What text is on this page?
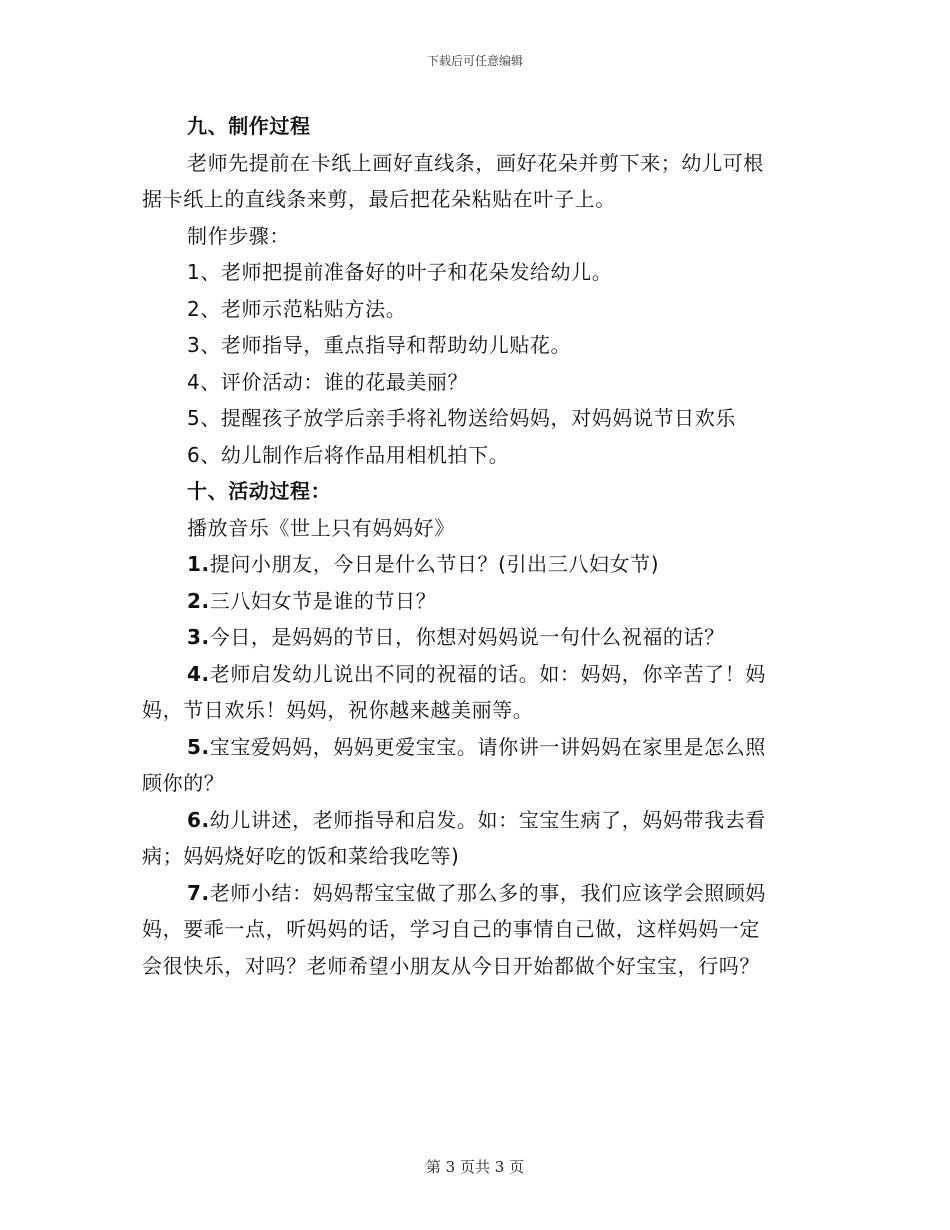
下载后可任意编辑
九、制作过程
老师先提前在卡纸上画好直线条，画好花朵并剪下来；幼儿可根
据卡纸上的直线条来剪，最后把花朵粘贴在叶子上。
制作步骤：
1、老师把提前准备好的叶子和花朵发给幼儿。
2、老师示范粘贴方法。
3、老师指导，重点指导和帮助幼儿贴花。
4、评价活动：谁的花最美丽？
5、提醒孩子放学后亲手将礼物送给妈妈，对妈妈说节日欢乐
6、幼儿制作后将作品用相机拍下。
十、活动过程：
播放音乐《世上只有妈妈好》
1.提问小朋友，今日是什么节日？(引出三八妇女节)
2.三八妇女节是谁的节日？
3.今日，是妈妈的节日，你想对妈妈说一句什么祝福的话？
4.老师启发幼儿说出不同的祝福的话。如：妈妈，你辛苦了！妈
妈，节日欢乐！妈妈，祝你越来越美丽等。
5.宝宝爱妈妈，妈妈更爱宝宝。请你讲一讲妈妈在家里是怎么照
顾你的？
6.幼儿讲述，老师指导和启发。如：宝宝生病了，妈妈带我去看
病；妈妈烧好吃的饭和菜给我吃等)
7.老师小结：妈妈帮宝宝做了那么多的事，我们应该学会照顾妈
妈，要乖一点，听妈妈的话，学习自己的事情自己做，这样妈妈一定
会很快乐，对吗？老师希望小朋友从今日开始都做个好宝宝，行吗？
第 3 页共 3 页
